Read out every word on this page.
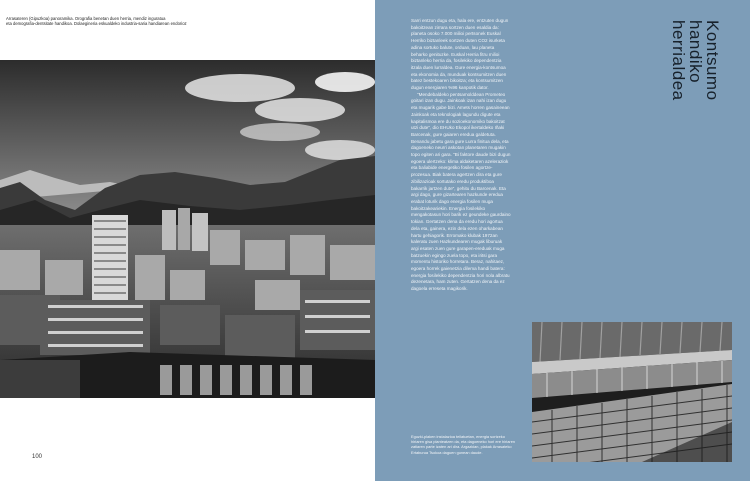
Arrasateren (Gipuzkoa) panoramika. Orografia benetan duen herria, mendiz inguratua

eta demografia-dentsitate handikoa. Dolaegineria eskualdeko industria-saria handiarean endorioz

100

Sarri entzun dugu eta, hala ere, entzuten dugun bakoitzean zirrara sortzen duen esaldia da: planeta osoko 7.000 milioi pertsonek Euskal Herriko biztanleek sortzen duten CO2 isurketa adina sortuko balute, orduan, lau planeta beharko genituzke. Euskal Herria fitru milioi biztanleko herria da, fosilekiko dependentzia itzala duen lurraldea. Gure energia-kontsumoa eta ekonomia da, munduak kontsumitzen duen batez bestekoaren bikoitza; eta kontsumitzen dugun energiaren %96 kanpotik dator.

"Mendebaldeko pentsamolddean Prometeo goitari izan dugu. Jainkoak izan nahi izan dugu eta mugarik gabe bizi. Amets horren gasaineean Jainkoak eta teknologiak lagundu digute eta kapitalismoa ere du sozioekonomiko bakoitzat utzi dute", dio EHUko Ekopol ikertaldeko Iñaki Barcenak, gure gaiaren eredua galdetuta. Benandu jabetu gara gure Lurra finitua dela, eta dagoeneko neurri askotan planetaren mugakin topo egiten ari gara. "Bi faktore daude bizi dugun egoera ulertzeko: klima aldaketaren azeleraziok eta baliabide energetiko fosilen agortze-prozesua. Biak batera agertzen dira eta gure zibilizazioak sortutako eredu produktiboa bakarrik jartzen dute", gehitu du Barcenak. Eta argi dago, gure gizartearen hazkunde eredua erabat loturik dago energia fosilen muga bakoitzakeariekin. Energia fosilekiko mengakotasun hori barik ez geundeke gaurdaino tokian. Gertatzen dena da eredu hori agortua dela eta, gainera, ezin dela ezen oharkabean hartu gehiagorik. Erromako klubak 1972an kaleratu zuen Hazkundearen mugak liburuak argi esaten zuen gure garapen-ereduak muga batzuekin egingo zuela topo, eta iritsi gara momentu historiko horretara. Beraz, nahitaez, egoera horrek gaienetzia dilema handi batera: energia fosilekiko dependentzia hori nola albratu dezenetara, ham zuten. Gertatzen dena da ez dagoela erreseta magikorik.

Kontsumo
handiko
herrialdea
Eguzki-plaken instalazioa teilatuetan, energia sortzeko hiriaren gisa planteatzen da, eta dagoeneko hori ere hiriaren zatiaren parte izaten ari dira. Argazkian, plakak Arrasateko Ertaburua Tsokoa daguen gunean daude.
